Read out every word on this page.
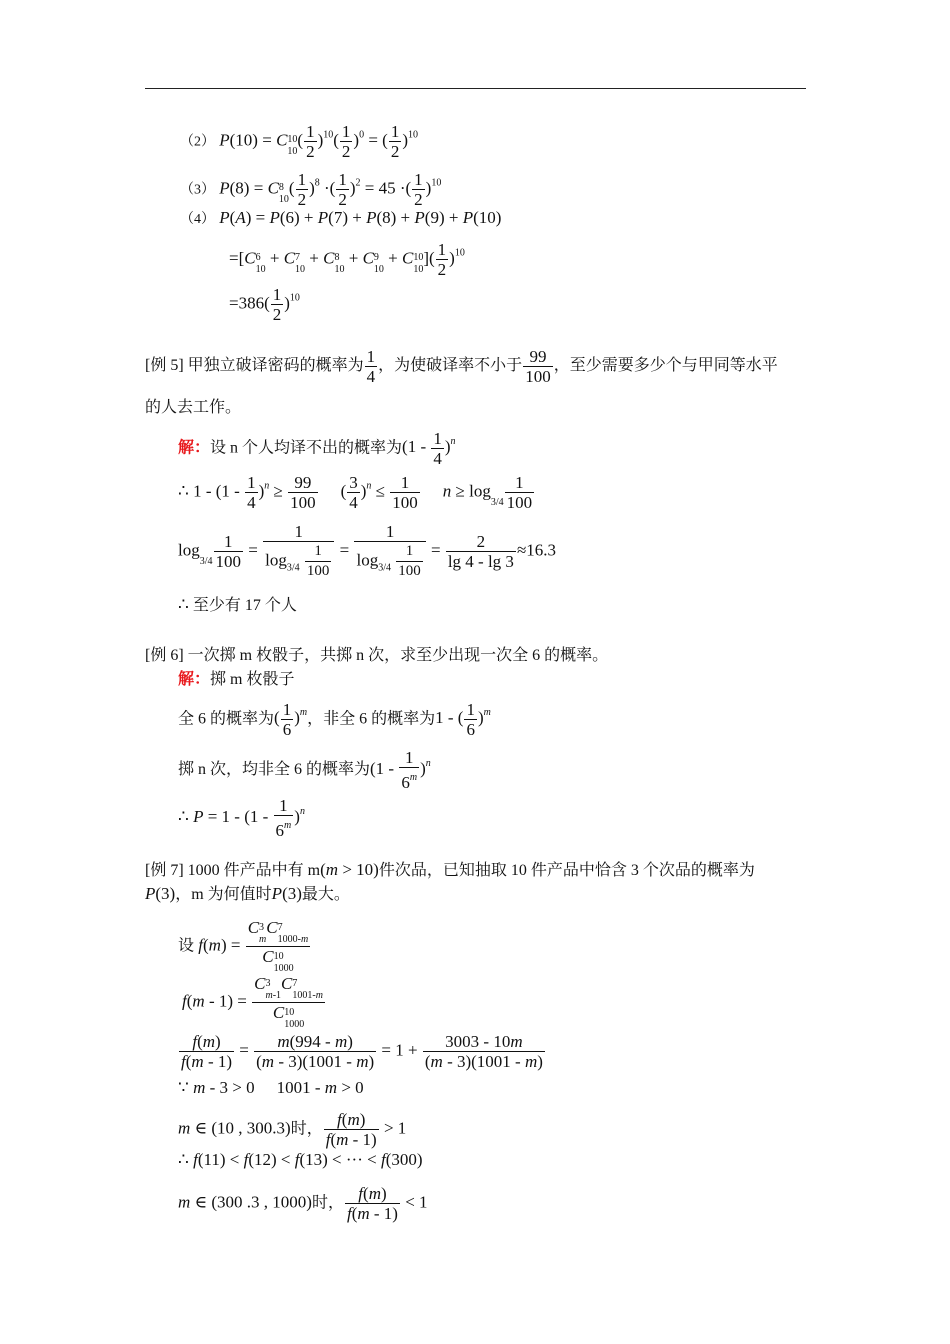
（2） P(10) = C 10
10
( $\frac{1}{2} )^{10}( \frac{1}{2} )^0$ = ( $\frac{1}{2} )^{10}$
（3） P(8) = C 8
10
( $\frac{1}{2} )^8$ ·( $\frac{1}{2} )^2 = 45$ ·( $\frac{1}{2} )^{10}$
（4） P(A) = P(6) + P(7) + P(8) + P(9) + P(10)
=[C 6
10
+ C 7
10
+ C 8
10
+ C 9
10
+ C 10
10
]( $\frac{1}{2} )^{10}$
$=386( \frac{1}{2} )^{10}$
[例 5] 甲独立破译密码的概率为 $\frac{1}{4}$ ，为使破译率不小于 $\frac{99}{100}$ ，至少需要多少个与甲同等水平
的人去工作。
解：设 n 个人均译不出的概率为$(1 - \frac{1}{4} )^n$
∴ $1 - (1 - \frac{1}{4} )^n \ge \frac{99}{100}$ ( $\frac{3}{4} )^n \le \frac{1}{100}$ n ≥ log
$3/4 \frac{1}{100}$
log
$3/4 \frac{1}{100} = \frac{1}{\log_{3/4} \frac{1}{100}} = \frac{1}{\log_{3/4} \frac{1}{100}} = \frac{2}{\lg 4 - \lg 3} \approx 16.3$
∴ 至少有 17 个人
[例 6] 一次掷 m 枚骰子，共掷 n 次，求至少出现一次全 6 的概率。
解：掷 m 枚骰子
全 6 的概率为( $\frac{1}{6} )^m$，非全 6 的概率为1 - ( $\frac{1}{6} )^m$
掷 n 次，均非全 6 的概率为$(1 - \frac{1}{6^m} )^n$
∴ $P = 1 - (1 - \frac{1}{6^m} )^n$
[例 7] 1000 件产品中有 m(m > 10)件次品，已知抽取 10 件产品中恰含 3 个次品的概率为
P(3)，m 为何值时P(3)最大。
设 f(m) = C 3
m
C 7
1000-m
C 10
1000
f(m - 1) = C 3
m-1
C 7
1001-m
C 10
1000
$\frac{f(m)}{f(m - 1)} = \frac{m(994 - m)}{(m - 3)(1001 - m)} = 1 + \frac{3003 - 10m}{(m - 3)(1001 - m)}$
∵ m - 3 > 0 1001 - m > 0
m ∈ (10 , 300.3)时， $\frac{f(m)}{f(m - 1)} > 1$
∴ f(11) < f(12) < f(13) < ··· < f(300)
m ∈ (300 .3 , 1000)时， $\frac{f(m)}{f(m - 1)} < 1$
